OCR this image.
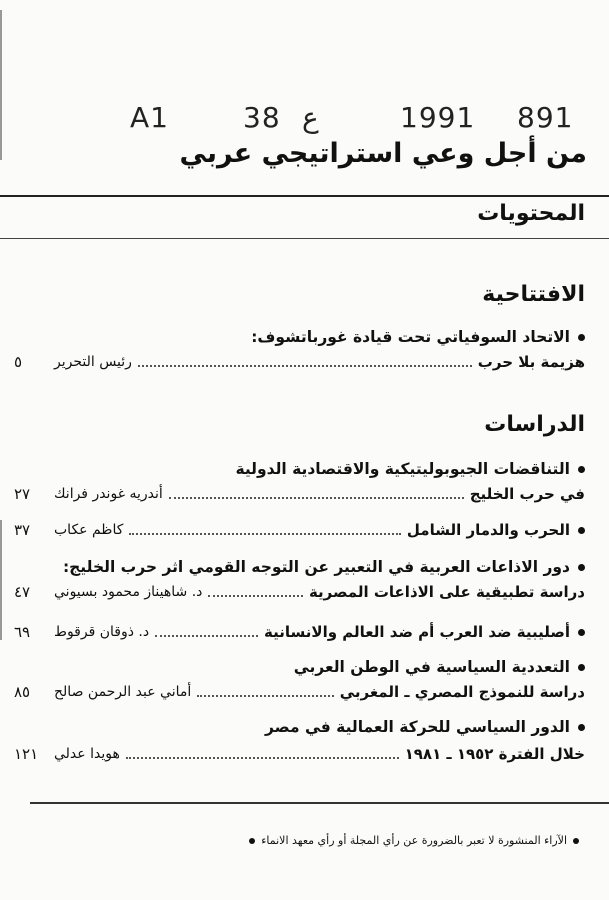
A1	38 ع	1991 891
من أجل وعي استراتيجي عربي
المحتويات
الافتتاحية
الاتحاد السوفياتي تحت قيادة غورباتشوف:
هزيمة بلا حرب
رئيس التحرير
٥
الدراسات
التناقضات الجيوبوليتيكية والاقتصادية الدولية
في حرب الخليج
أندريه غوندر فرانك
٢٧
الحرب والدمار الشامل
كاظم عكاب
٣٧
دور الاذاعات العربية في التعبير عن التوجه القومي اثر حرب الخليج:
دراسة تطبيقية على الاذاعات المصرية
د. شاهيناز محمود بسيوني
٤٧
أصليبية ضد العرب أم ضد العالم والانسانية
د. ذوقان قرقوط
٦٩
التعددية السياسية في الوطن العربي
دراسة للنموذج المصري ـ المغربي
أماني عبد الرحمن صالح
٨٥
الدور السياسي للحركة العمالية في مصر
خلال الفترة ١٩٥٢ ـ ١٩٨١
هويدا عدلي
١٢١
الآراء المنشورة لا تعبر بالضرورة عن رأي المجلة أو رأي معهد الانماء
